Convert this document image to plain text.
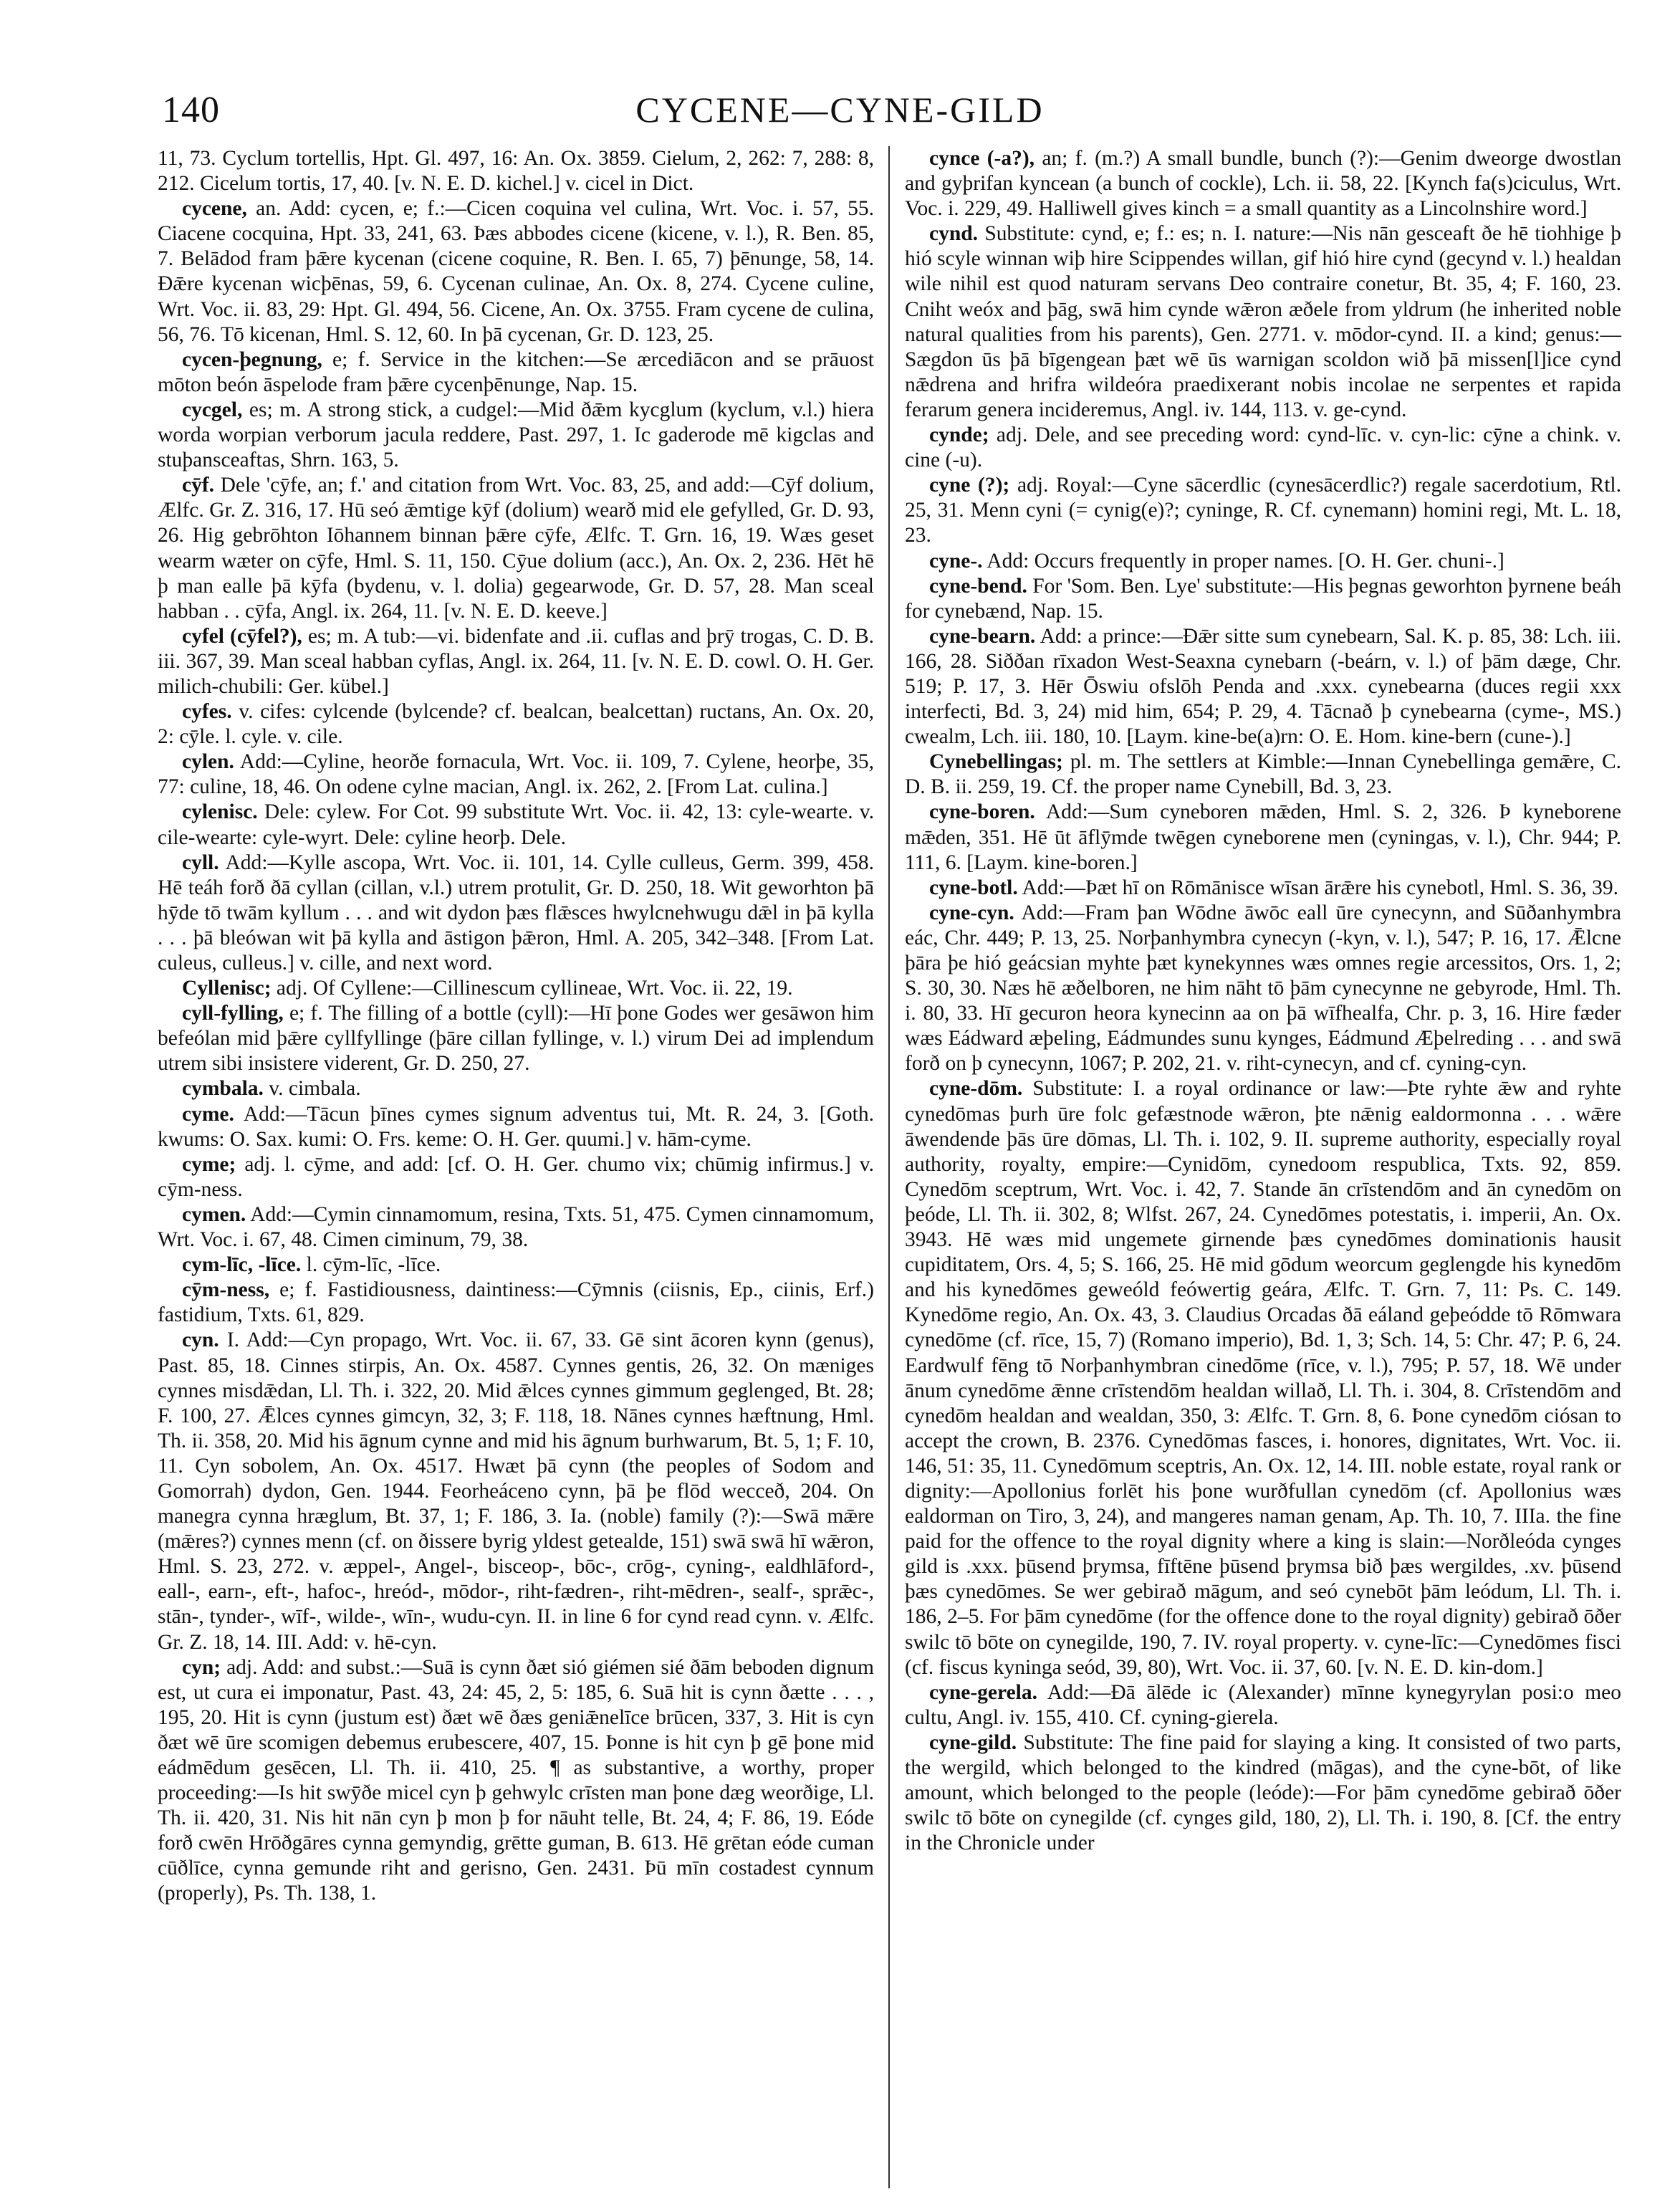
140	CYCENE—CYNE-GILD

11, 73. Cyclum tortellis, Hpt. Gl. 497, 16: An. Ox. 3859. Cielum, 2, 262: 7, 288: 8, 212. Cicelum tortis, 17, 40. [v. N. E. D. kichel.] v. cicel in Dict.

cycene, an. Add: cycen, e; f.:—Cicen coquina vel culina, Wrt. Voc. i. 57, 55. Ciacene cocquina, Hpt. 33, 241, 63. Þæs abbodes cicene (kicene, v. l.), R. Ben. 85, 7. Belādod fram þǣre kycenan (cicene coquine, R. Ben. I. 65, 7) þēnunge, 58, 14. Ðǣre kycenan wicþēnas, 59, 6. Cycenan culinae, An. Ox. 8, 274. Cycene culine, Wrt. Voc. ii. 83, 29: Hpt. Gl. 494, 56. Cicene, An. Ox. 3755. Fram cycene de culina, 56, 76. Tō kicenan, Hml. S. 12, 60. In þā cycenan, Gr. D. 123, 25.

cycen-þegnung, e; f. Service in the kitchen:—Se ærcediācon and se prāuost mōton beón āspelode fram þǣre cycenþēnunge, Nap. 15.

cycgel, es; m. A strong stick, a cudgel:—Mid ðǣm kycglum (kyclum, v.l.) hiera worda worpian verborum jacula reddere, Past. 297, 1. Ic gaderode mē kigclas and stuþansceaftas, Shrn. 163, 5.

cȳf. Dele 'cȳfe, an; f.' and citation from Wrt. Voc. 83, 25, and add:—Cȳf dolium, Ælfc. Gr. Z. 316, 17. Hū seó ǣmtige kȳf (dolium) wearð mid ele gefylled, Gr. D. 93, 26. Hig gebrōhton Iōhannem binnan þǣre cȳfe, Ælfc. T. Grn. 16, 19. Wæs geset wearm wæter on cȳfe, Hml. S. 11, 150. Cȳue dolium (acc.), An. Ox. 2, 236. Hēt hē þ man ealle þā kȳfa (bydenu, v. l. dolia) gegearwode, Gr. D. 57, 28. Man sceal habban . . cȳfa, Angl. ix. 264, 11. [v. N. E. D. keeve.]

cyfel (cȳfel?), es; m. A tub:—vi. bidenfate and .ii. cuflas and þrȳ trogas, C. D. B. iii. 367, 39. Man sceal habban cyflas, Angl. ix. 264, 11. [v. N. E. D. cowl. O. H. Ger. milich-chubili: Ger. kübel.]

cyfes. v. cifes: cylcende (bylcende? cf. bealcan, bealcettan) ructans, An. Ox. 20, 2: cȳle. l. cyle. v. cile.

cylen. Add:—Cyline, heorðe fornacula, Wrt. Voc. ii. 109, 7. Cylene, heorþe, 35, 77: culine, 18, 46. On odene cylne macian, Angl. ix. 262, 2. [From Lat. culina.]

cylenisc. Dele: cylew. For Cot. 99 substitute Wrt. Voc. ii. 42, 13: cyle-wearte. v. cile-wearte: cyle-wyrt. Dele: cyline heorþ. Dele.

cyll. Add:—Kylle ascopa, Wrt. Voc. ii. 101, 14. Cylle culleus, Germ. 399, 458. Hē teáh forð ðā cyllan (cillan, v.l.) utrem protulit, Gr. D. 250, 18. Wit geworhton þā hȳde tō twām kyllum . . . and wit dydon þæs flǣsces hwylcnehwugu dǣl in þā kylla . . . þā bleówan wit þā kylla and āstigon þǣron, Hml. A. 205, 342–348. [From Lat. culeus, culleus.] v. cille, and next word.

Cyllenisc; adj. Of Cyllene:—Cillinescum cyllineae, Wrt. Voc. ii. 22, 19.

cyll-fylling, e; f. The filling of a bottle (cyll):—Hī þone Godes wer gesāwon him befeólan mid þǣre cyllfyllinge (þāre cillan fyllinge, v. l.) virum Dei ad implendum utrem sibi insistere viderent, Gr. D. 250, 27.

cymbala. v. cimbala.

cyme. Add:—Tācun þīnes cymes signum adventus tui, Mt. R. 24, 3. [Goth. kwums: O. Sax. kumi: O. Frs. keme: O. H. Ger. quumi.] v. hām-cyme.

cyme; adj. l. cȳme, and add: [cf. O. H. Ger. chumo vix; chūmig infirmus.] v. cȳm-ness.

cymen. Add:—Cymin cinnamomum, resina, Txts. 51, 475. Cymen cinnamomum, Wrt. Voc. i. 67, 48. Cimen ciminum, 79, 38.

cym-līc, -līce. l. cȳm-līc, -līce.

cȳm-ness, e; f. Fastidiousness, daintiness:—Cȳmnis (ciisnis, Ep., ciinis, Erf.) fastidium, Txts. 61, 829.

cyn. I. Add:—Cyn propago, Wrt. Voc. ii. 67, 33. Gē sint ācoren kynn (genus), Past. 85, 18. Cinnes stirpis, An. Ox. 4587. Cynnes gentis, 26, 32. On mæniges cynnes misdǣdan, Ll. Th. i. 322, 20. Mid ǣlces cynnes gimmum geglenged, Bt. 28; F. 100, 27. Ǣlces cynnes gimcyn, 32, 3; F. 118, 18. Nānes cynnes hæftnung, Hml. Th. ii. 358, 20. Mid his āgnum cynne and mid his āgnum burhwarum, Bt. 5, 1; F. 10, 11. Cyn sobolem, An. Ox. 4517. Hwæt þā cynn (the peoples of Sodom and Gomorrah) dydon, Gen. 1944. Feorheáceno cynn, þā þe flōd wecceð, 204. On manegra cynna hræglum, Bt. 37, 1; F. 186, 3. Ia. (noble) family (?):—Swā mǣre (mǣres?) cynnes menn (cf. on ðissere byrig yldest getealde, 151) swā swā hī wǣron, Hml. S. 23, 272. v. æppel-, Angel-, bisceop-, bōc-, crōg-, cyning-, ealdhlāford-, eall-, earn-, eft-, hafoc-, hreód-, mōdor-, riht-fædren-, riht-mēdren-, sealf-, sprǣc-, stān-, tynder-, wīf-, wilde-, wīn-, wudu-cyn. II. in line 6 for cynd read cynn. v. Ælfc. Gr. Z. 18, 14. III. Add: v. hē-cyn.

cyn; adj. Add: and subst.:—Suā is cynn ðæt sió giémen sié ðām beboden dignum est, ut cura ei imponatur, Past. 43, 24: 45, 2, 5: 185, 6. Suā hit is cynn ðætte . . . , 195, 20. Hit is cynn (justum est) ðæt wē ðæs geniǣnelīce brūcen, 337, 3. Hit is cyn ðæt wē ūre scomigen debemus erubescere, 407, 15. Þonne is hit cyn þ gē þone mid eádmēdum gesēcen, Ll. Th. ii. 410, 25. ¶ as substantive, a worthy, proper proceeding:—Is hit swȳðe micel cyn þ gehwylc crīsten man þone dæg weorðige, Ll. Th. ii. 420, 31. Nis hit nān cyn þ mon þ for nāuht telle, Bt. 24, 4; F. 86, 19. Eóde forð cwēn Hrōðgāres cynna gemyndig, grētte guman, B. 613. Hē grētan eóde cuman cūðlīce, cynna gemunde riht and gerisno, Gen. 2431. Þū mīn costadest cynnum (properly), Ps. Th. 138, 1.

cynce (-a?), an; f. (m.?) A small bundle, bunch (?):—Genim dweorge dwostlan and gyþrifan kyncean (a bunch of cockle), Lch. ii. 58, 22. [Kynch fa(s)ciculus, Wrt. Voc. i. 229, 49. Halliwell gives kinch = a small quantity as a Lincolnshire word.]

cynd. Substitute: cynd, e; f.: es; n. I. nature:—Nis nān gesceaft ðe hē tiohhige þ hió scyle winnan wiþ hire Scippendes willan, gif hió hire cynd (gecynd v. l.) healdan wile nihil est quod naturam servans Deo contraire conetur, Bt. 35, 4; F. 160, 23. Cniht weóx and þāg, swā him cynde wǣron æðele from yldrum (he inherited noble natural qualities from his parents), Gen. 2771. v. mōdor-cynd. II. a kind; genus:—Sægdon ūs þā bīgengean þæt wē ūs warnigan scoldon wið þā missen[l]ice cynd nǣdrena and hrifra wildeóra praedixerant nobis incolae ne serpentes et rapida ferarum genera incideremus, Angl. iv. 144, 113. v. ge-cynd.

cynde; adj. Dele, and see preceding word: cynd-līc. v. cyn-lic: cȳne a chink. v. cine (-u).

cyne (?); adj. Royal:—Cyne sācerdlic (cynesācerdlic?) regale sacerdotium, Rtl. 25, 31. Menn cyni (= cynig(e)?; cyninge, R. Cf. cynemann) homini regi, Mt. L. 18, 23.

cyne-. Add: Occurs frequently in proper names. [O. H. Ger. chuni-.]

cyne-bend. For 'Som. Ben. Lye' substitute:—His þegnas geworhton þyrnene beáh for cynebænd, Nap. 15.

cyne-bearn. Add: a prince:—Ðǣr sitte sum cynebearn, Sal. K. p. 85, 38: Lch. iii. 166, 28. Siððan rīxadon West-Seaxna cynebarn (-beárn, v. l.) of þām dæge, Chr. 519; P. 17, 3. Hēr Ōswiu ofslōh Penda and .xxx. cynebearna (duces regii xxx interfecti, Bd. 3, 24) mid him, 654; P. 29, 4. Tācnað þ cynebearna (cyme-, MS.) cwealm, Lch. iii. 180, 10. [Laym. kine-be(a)rn: O. E. Hom. kine-bern (cune-).]

Cynebellingas; pl. m. The settlers at Kimble:—Innan Cynebellinga gemǣre, C. D. B. ii. 259, 19. Cf. the proper name Cynebill, Bd. 3, 23.

cyne-boren. Add:—Sum cyneboren mǣden, Hml. S. 2, 326. Þ kyneborene mǣden, 351. Hē ūt āflȳmde twēgen cyneborene men (cyningas, v. l.), Chr. 944; P. 111, 6. [Laym. kine-boren.]

cyne-botl. Add:—Þæt hī on Rōmānisce wīsan ārǣre his cynebotl, Hml. S. 36, 39.

cyne-cyn. Add:—Fram þan Wōdne āwōc eall ūre cynecynn, and Sūðanhymbra eác, Chr. 449; P. 13, 25. Norþanhymbra cynecyn (-kyn, v. l.), 547; P. 16, 17. Ǣlcne þāra þe hió geácsian myhte þæt kynekynnes wæs omnes regie arcessitos, Ors. 1, 2; S. 30, 30. Næs hē æðelboren, ne him nāht tō þām cynecynne ne gebyrode, Hml. Th. i. 80, 33. Hī gecuron heora kynecinn aa on þā wīfhealfa, Chr. p. 3, 16. Hire fæder wæs Eádward æþeling, Eádmundes sunu kynges, Eádmund Æþelreding . . . and swā forð on þ cynecynn, 1067; P. 202, 21. v. riht-cynecyn, and cf. cyning-cyn.

cyne-dōm. Substitute: I. a royal ordinance or law:—Þte ryhte ǣw and ryhte cynedōmas þurh ūre folc gefæstnode wǣron, þte nǣnig ealdormonna . . . wǣre āwendende þās ūre dōmas, Ll. Th. i. 102, 9. II. supreme authority, especially royal authority, royalty, empire:—Cynidōm, cynedoom respublica, Txts. 92, 859. Cynedōm sceptrum, Wrt. Voc. i. 42, 7. Stande ān crīstendōm and ān cynedōm on þeóde, Ll. Th. ii. 302, 8; Wlfst. 267, 24. Cynedōmes potestatis, i. imperii, An. Ox. 3943. Hē wæs mid ungemete girnende þæs cynedōmes dominationis hausit cupiditatem, Ors. 4, 5; S. 166, 25. Hē mid gōdum weorcum geglengde his kynedōm and his kynedōmes geweóld feówertig geára, Ælfc. T. Grn. 7, 11: Ps. C. 149. Kynedōme regio, An. Ox. 43, 3. Claudius Orcadas ðā eáland geþeódde tō Rōmwara cynedōme (cf. rīce, 15, 7) (Romano imperio), Bd. 1, 3; Sch. 14, 5: Chr. 47; P. 6, 24. Eardwulf fēng tō Norþanhymbran cinedōme (rīce, v. l.), 795; P. 57, 18. Wē under ānum cynedōme ǣnne crīstendōm healdan willað, Ll. Th. i. 304, 8. Crīstendōm and cynedōm healdan and wealdan, 350, 3: Ælfc. T. Grn. 8, 6. Þone cynedōm ciósan to accept the crown, B. 2376. Cynedōmas fasces, i. honores, dignitates, Wrt. Voc. ii. 146, 51: 35, 11. Cynedōmum sceptris, An. Ox. 12, 14. III. noble estate, royal rank or dignity:—Apollonius forlēt his þone wurðfullan cynedōm (cf. Apollonius wæs ealdorman on Tiro, 3, 24), and mangeres naman genam, Ap. Th. 10, 7. IIIa. the fine paid for the offence to the royal dignity where a king is slain:—Norðleóda cynges gild is .xxx. þūsend þrymsa, fīftēne þūsend þrymsa bið þæs wergildes, .xv. þūsend þæs cynedōmes. Se wer gebirað māgum, and seó cynebōt þām leódum, Ll. Th. i. 186, 2–5. For þām cynedōme (for the offence done to the royal dignity) gebirað ōðer swilc tō bōte on cynegilde, 190, 7. IV. royal property. v. cyne-līc:—Cynedōmes fisci (cf. fiscus kyninga seód, 39, 80), Wrt. Voc. ii. 37, 60. [v. N. E. D. kin-dom.]

cyne-gerela. Add:—Ðā ālēde ic (Alexander) mīnne kynegyrylan posi:o meo cultu, Angl. iv. 155, 410. Cf. cyning-gierela.

cyne-gild. Substitute: The fine paid for slaying a king. It consisted of two parts, the wergild, which belonged to the kindred (māgas), and the cyne-bōt, of like amount, which belonged to the people (leóde):—For þām cynedōme gebirað ōðer swilc tō bōte on cynegilde (cf. cynges gild, 180, 2), Ll. Th. i. 190, 8. [Cf. the entry in the Chronicle under
